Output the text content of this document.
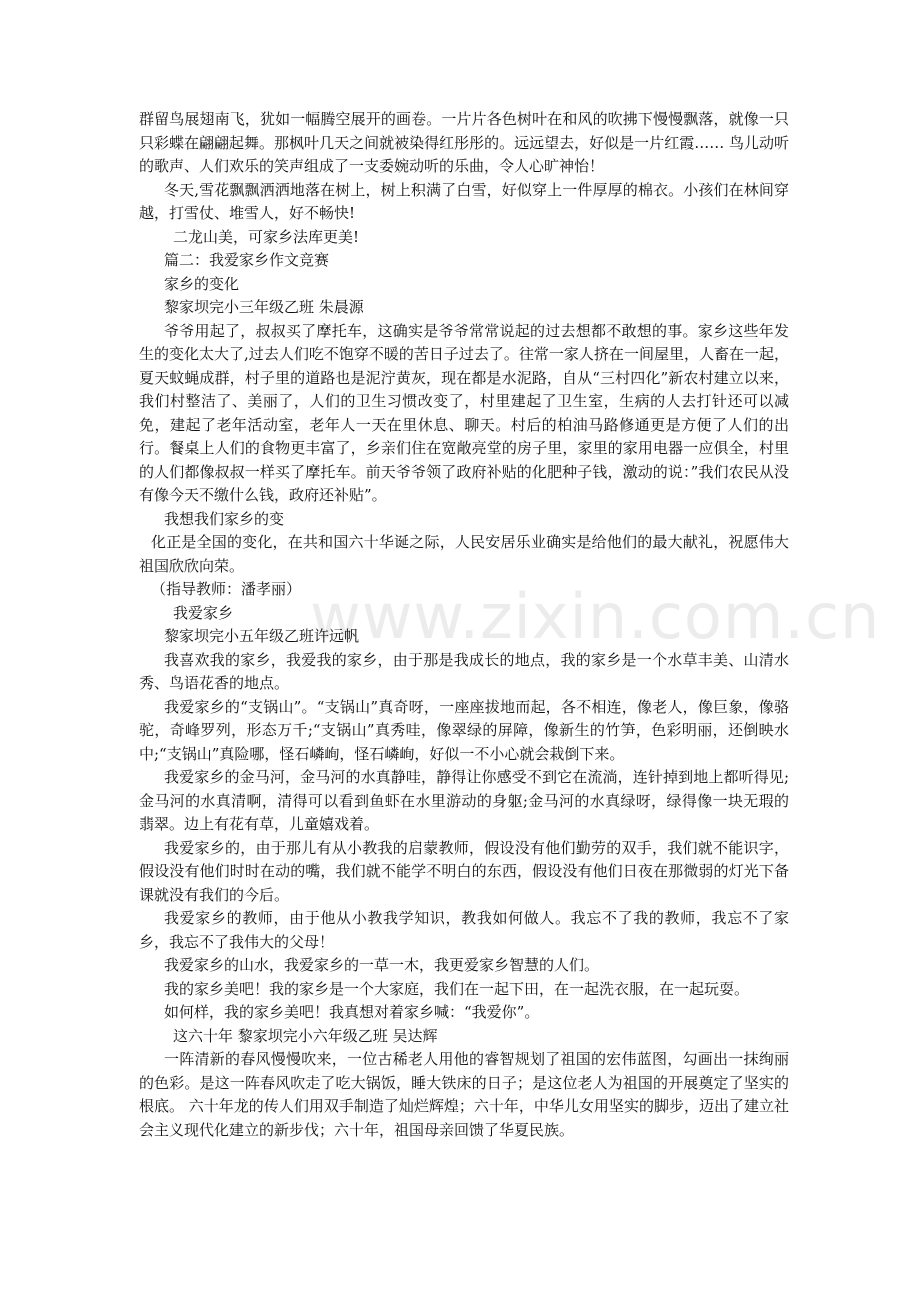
www.zixin.com.cn

群留鸟展翅南飞，犹如一幅腾空展开的画卷。一片片各色树叶在和风的吹拂下慢慢飘落，就像一只只彩蝶在翩翩起舞。那枫叶几天之间就被染得红彤彤的。远远望去，好似是一片红霞…… 鸟儿动听的歌声、人们欢乐的笑声组成了一支委婉动听的乐曲，令人心旷神怡！

冬天,雪花飘飘洒洒地落在树上，树上积满了白雪，好似穿上一件厚厚的棉衣。小孩们在林间穿越，打雪仗、堆雪人，好不畅快!

二龙山美，可家乡法库更美!

篇二：我爱家乡作文竞赛

家乡的变化

黎家坝完小三年级乙班 朱晨源

爷爷用起了，叔叔买了摩托车，这确实是爷爷常常说起的过去想都不敢想的事。家乡这些年发生的变化太大了,过去人们吃不饱穿不暖的苦日子过去了。往常一家人挤在一间屋里，人畜在一起，夏天蚊蝇成群，村子里的道路也是泥泞黄灰，现在都是水泥路，自从“三村四化”新农村建立以来，我们村整洁了、美丽了，人们的卫生习惯改变了，村里建起了卫生室，生病的人去打针还可以减免，建起了老年活动室，老年人一天在里休息、聊天。村后的柏油马路修通更是方便了人们的出行。餐桌上人们的食物更丰富了，乡亲们住在宽敞亮堂的房子里，家里的家用电器一应俱全，村里的人们都像叔叔一样买了摩托车。前天爷爷领了政府补贴的化肥种子钱，激动的说：”我们农民从没有像今天不缴什么钱，政府还补贴”。

我想我们家乡的变

化正是全国的变化，在共和国六十华诞之际，人民安居乐业确实是给他们的最大献礼，祝愿伟大祖国欣欣向荣。

（指导教师：潘孝丽）

我爱家乡

黎家坝完小五年级乙班许远帆

我喜欢我的家乡，我爱我的家乡，由于那是我成长的地点，我的家乡是一个水草丰美、山清水秀、鸟语花香的地点。

我爱家乡的“支锅山”。“支锅山”真奇呀，一座座拔地而起，各不相连，像老人，像巨象，像骆驼，奇峰罗列，形态万千;“支锅山”真秀哇，像翠绿的屏障，像新生的竹笋，色彩明丽，还倒映水中;“支锅山”真险哪，怪石嶙峋，怪石嶙峋，好似一不小心就会栽倒下来。

我爱家乡的金马河，金马河的水真静哇，静得让你感受不到它在流淌，连针掉到地上都听得见;金马河的水真清啊，清得可以看到鱼虾在水里游动的身躯;金马河的水真绿呀，绿得像一块无瑕的翡翠。边上有花有草，儿童嬉戏着。

我爱家乡的，由于那儿有从小教我的启蒙教师，假设没有他们勤劳的双手，我们就不能识字，假设没有他们时时在动的嘴，我们就不能学不明白的东西，假设没有他们日夜在那微弱的灯光下备课就没有我们的今后。

我爱家乡的教师，由于他从小教我学知识，教我如何做人。我忘不了我的教师，我忘不了家乡，我忘不了我伟大的父母！

我爱家乡的山水，我爱家乡的一草一木，我更爱家乡智慧的人们。

我的家乡美吧！我的家乡是一个大家庭，我们在一起下田，在一起洗衣服，在一起玩耍。

如何样，我的家乡美吧！我真想对着家乡喊：“我爱你”。

这六十年 黎家坝完小六年级乙班 吴达辉

一阵清新的春风慢慢吹来，一位古稀老人用他的睿智规划了祖国的宏伟蓝图，勾画出一抹绚丽的色彩。是这一阵春风吹走了吃大锅饭，睡大铁床的日子；是这位老人为祖国的开展奠定了坚实的根底。 六十年龙的传人们用双手制造了灿烂辉煌；六十年，中华儿女用坚实的脚步，迈出了建立社会主义现代化建立的新步伐；六十年，祖国母亲回馈了华夏民族。
